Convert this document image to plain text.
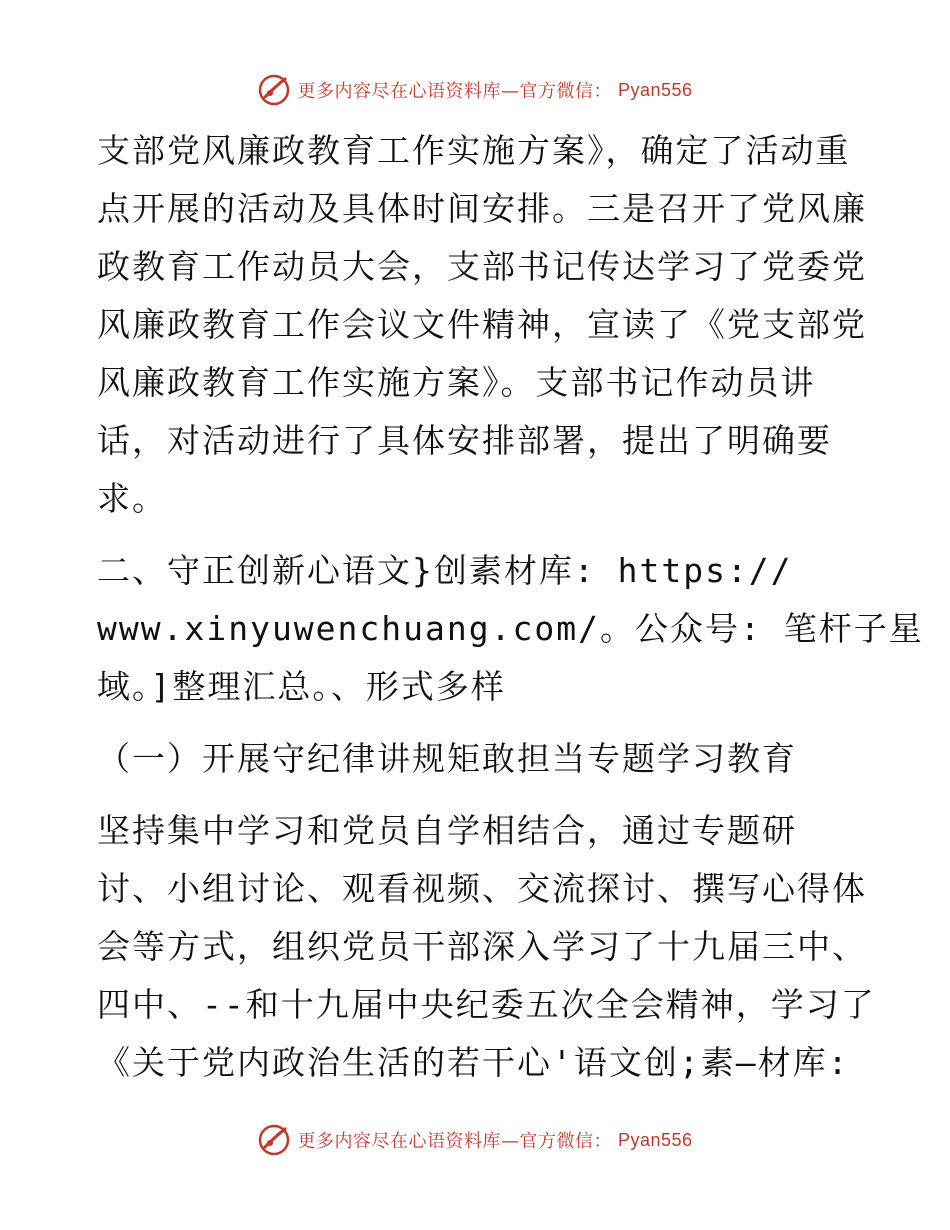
更多内容尽在心语资料库—官方微信： Pyan556
支部党风廉政教育工作实施方案》，确定了活动重
点开展的活动及具体时间安排。三是召开了党风廉
政教育工作动员大会，支部书记传达学习了党委党
风廉政教育工作会议文件精神，宣读了《党支部党
风廉政教育工作实施方案》。支部书记作动员讲
话，对活动进行了具体安排部署，提出了明确要
求。
二、守正创新心语文}创素材库: https://
www.xinyuwenchuang.com/。公众号: 笔杆子星
域。]整理汇总。、形式多样
（一）开展守纪律讲规矩敢担当专题学习教育
坚持集中学习和党员自学相结合，通过专题研
讨、小组讨论、观看视频、交流探讨、撰写心得体
会等方式，组织党员干部深入学习了十九届三中、
四中、--和十九届中央纪委五次全会精神，学习了
《关于党内政治生活的若干心'语文创;素—材库:
更多内容尽在心语资料库—官方微信： Pyan556
